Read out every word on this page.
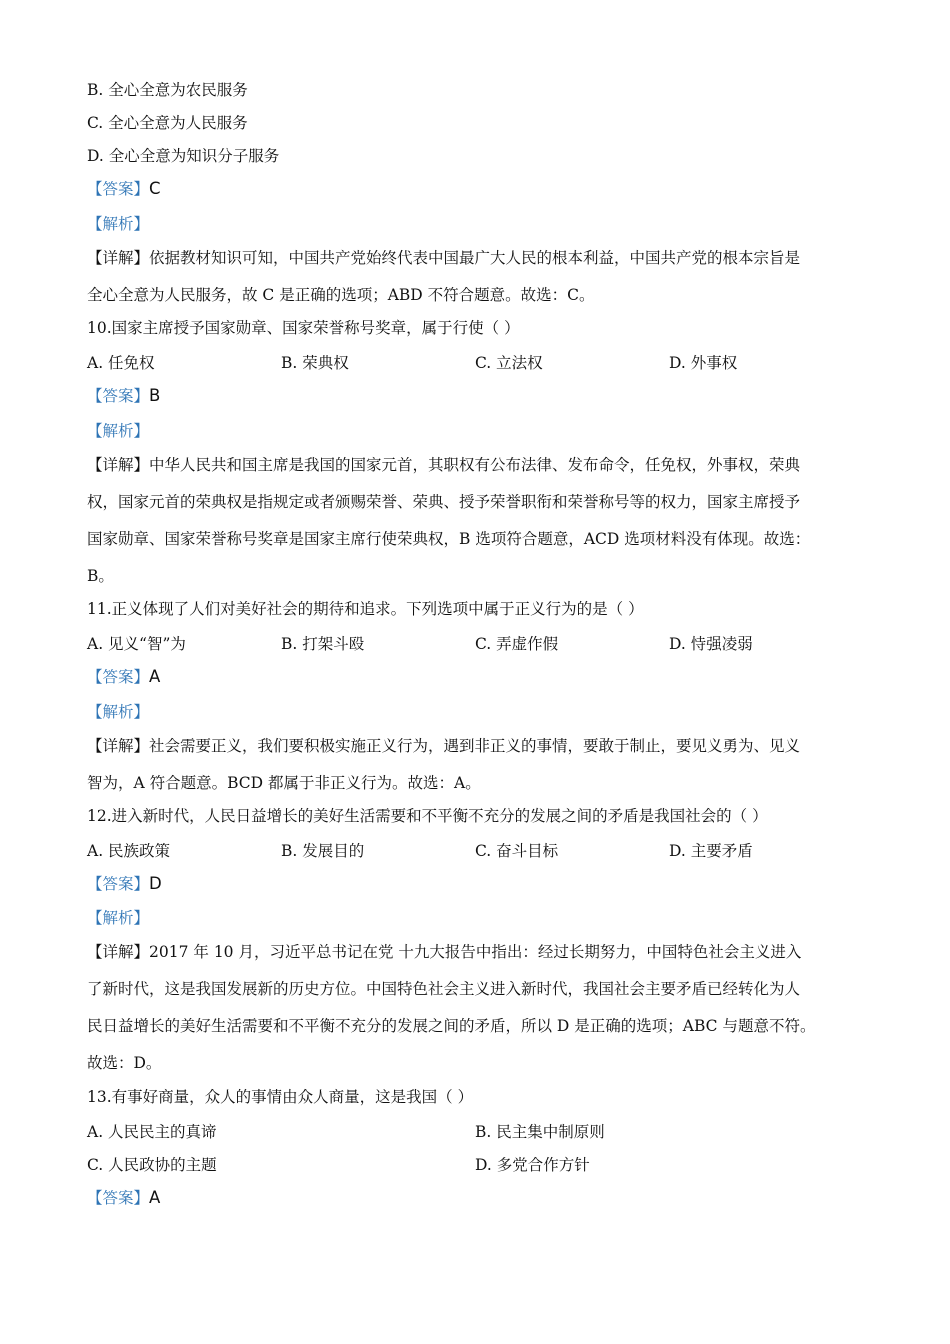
B. 全心全意为农民服务
C. 全心全意为人民服务
D. 全心全意为知识分子服务
【答案】C
【解析】
【详解】依据教材知识可知，中国共产党始终代表中国最广大人民的根本利益，中国共产党的根本宗旨是
全心全意为人民服务，故 C 是正确的选项；ABD 不符合题意。故选：C。
10.国家主席授予国家勋章、国家荣誉称号奖章，属于行使（ ）
A. 任免权	B. 荣典权	C. 立法权	D. 外事权
【答案】B
【解析】
【详解】中华人民共和国主席是我国的国家元首，其职权有公布法律、发布命令，任免权，外事权，荣典
权，国家元首的荣典权是指规定或者颁赐荣誉、荣典、授予荣誉职衔和荣誉称号等的权力，国家主席授予
国家勋章、国家荣誉称号奖章是国家主席行使荣典权，B 选项符合题意，ACD 选项材料没有体现。故选：
B。
11.正义体现了人们对美好社会的期待和追求。下列选项中属于正义行为的是（ ）
A. 见义“智”为	B. 打架斗殴	C. 弄虚作假	D. 恃强凌弱
【答案】A
【解析】
【详解】社会需要正义，我们要积极实施正义行为，遇到非正义的事情，要敢于制止，要见义勇为、见义
智为，A 符合题意。BCD 都属于非正义行为。故选：A。
12.进入新时代，人民日益增长的美好生活需要和不平衡不充分的发展之间的矛盾是我国社会的（ ）
A. 民族政策	B. 发展目的	C. 奋斗目标	D. 主要矛盾
【答案】D
【解析】
【详解】2017 年 10 月，习近平总书记在党 十九大报告中指出：经过长期努力，中国特色社会主义进入
了新时代，这是我国发展新的历史方位。中国特色社会主义进入新时代，我国社会主要矛盾已经转化为人
民日益增长的美好生活需要和不平衡不充分的发展之间的矛盾，所以 D 是正确的选项；ABC 与题意不符。
故选：D。
13.有事好商量，众人的事情由众人商量，这是我国（ ）
A. 人民民主的真谛	B. 民主集中制原则
C. 人民政协的主题	D. 多党合作方针
【答案】A
